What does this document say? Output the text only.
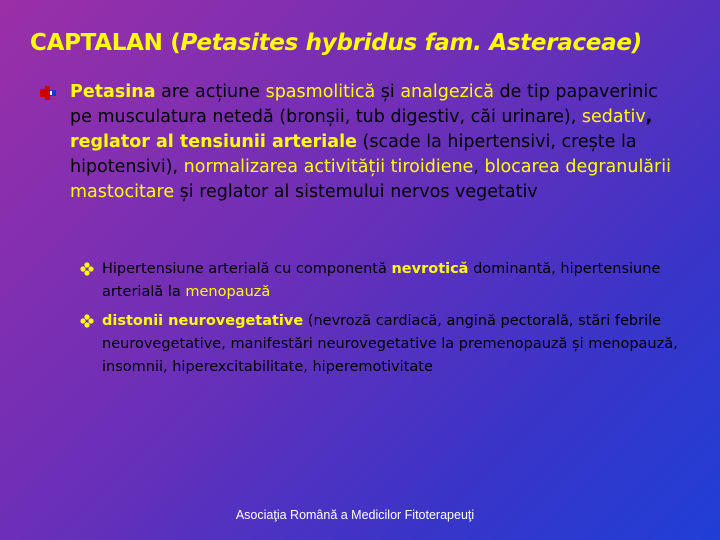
CAPTALAN (Petasites hybridus fam. Asteraceae)
Petasina are acțiune spasmolitică și analgezică de tip papaverinic pe musculatura netedă (bronșii, tub digestiv, căi urinare), sedativ, reglator al tensiunii arteriale (scade la hipertensivi, crește la hipotensivi), normalizarea activității tiroidiene, blocarea degranulării mastocitare și reglator al sistemului nervos vegetativ
Hipertensiune arterială cu componentă nevrotică dominantă, hipertensiune arterială la menopauză
distonii neurovegetative (nevroză cardiacă, angină pectorală, stări febrile neurovegetative, manifestări neurovegetative la premenopauză și menopauză, insomnii, hiperexcitabilitate, hiperemotivitate
Asociaţia Română a Medicilor Fitoterapeuţi
